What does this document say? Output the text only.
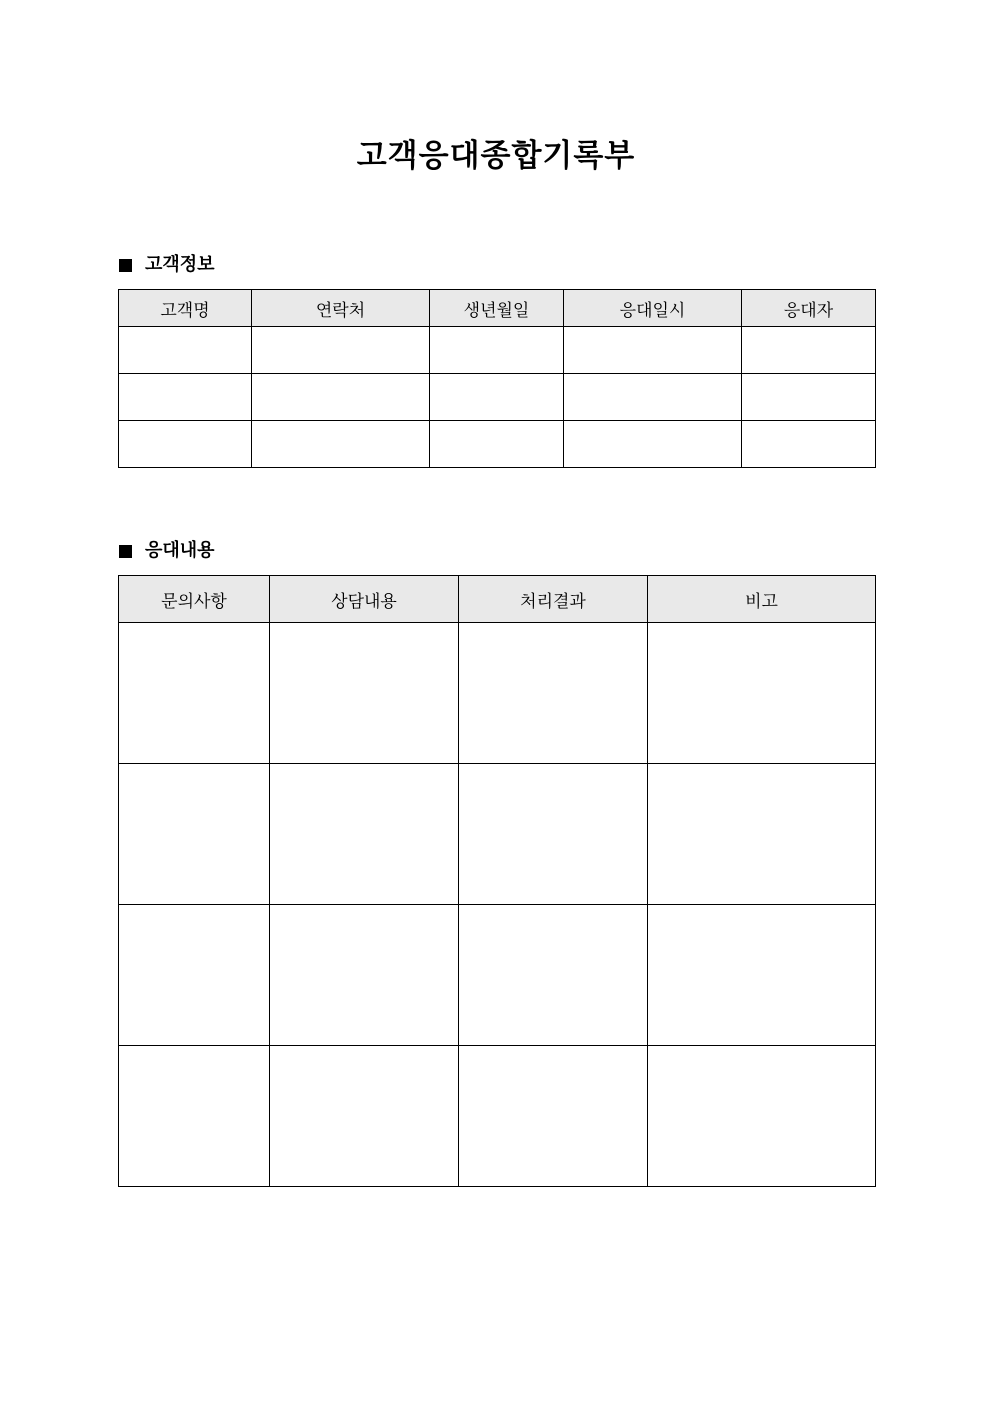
고객응대종합기록부
고객정보
고객명	연락처	생년월일	응대일시	응대자

응대내용
문의사항	상담내용	처리결과	비고
